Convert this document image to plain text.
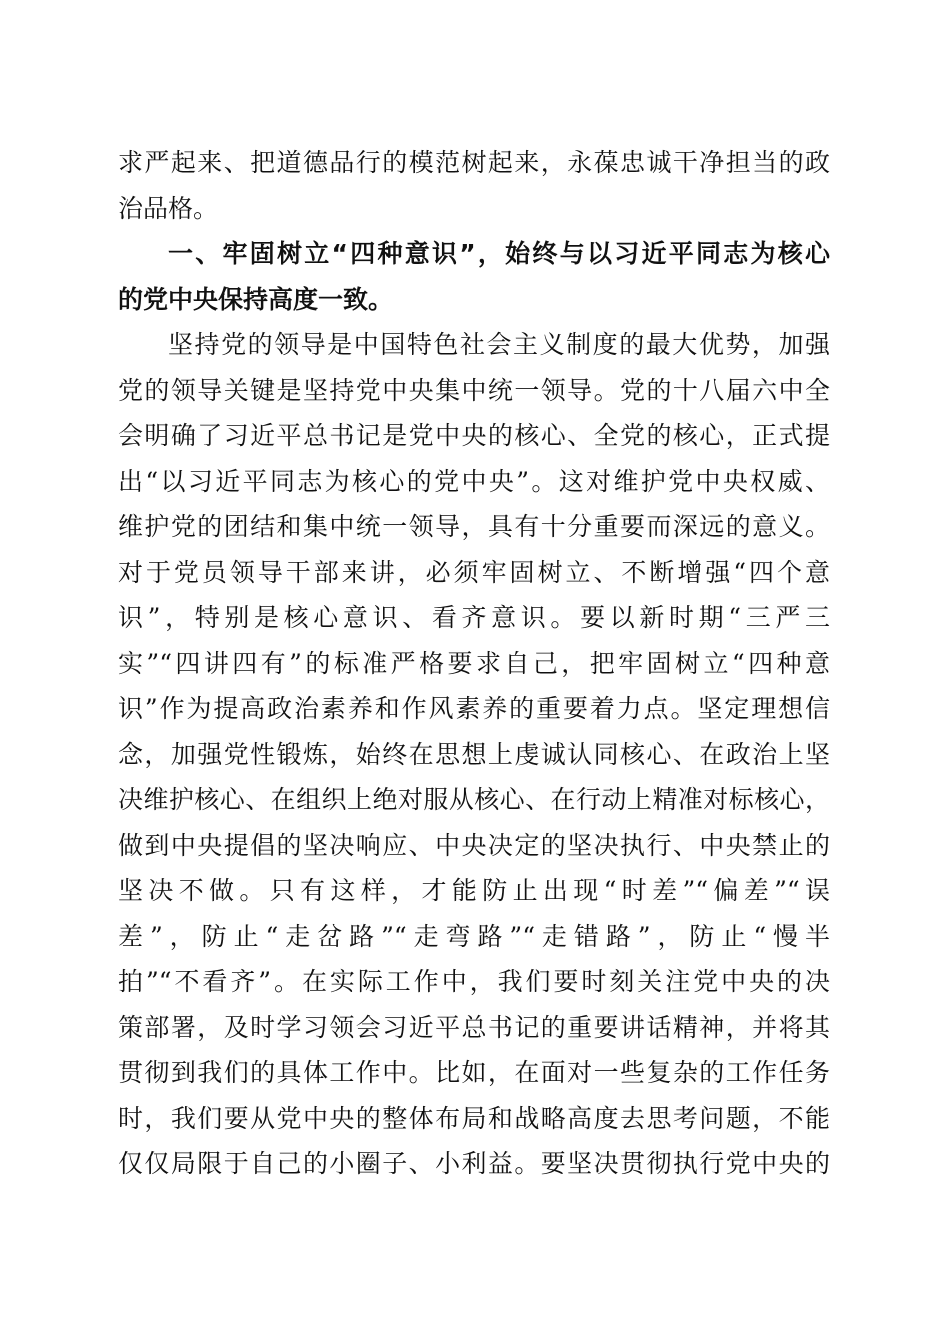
求严起来、把道德品行的模范树起来，永葆忠诚干净担当的政
治品格。
一、牢固树立“四种意识”，始终与以习近平同志为核心
的党中央保持高度一致。
坚持党的领导是中国特色社会主义制度的最大优势，加强
党的领导关键是坚持党中央集中统一领导。党的十八届六中全
会明确了习近平总书记是党中央的核心、全党的核心，正式提
出“以习近平同志为核心的党中央”。这对维护党中央权威、
维护党的团结和集中统一领导，具有十分重要而深远的意义。
对于党员领导干部来讲，必须牢固树立、不断增强“四个意
识”，特别是核心意识、看齐意识。要以新时期“三严三
实”“四讲四有”的标准严格要求自己，把牢固树立“四种意
识”作为提高政治素养和作风素养的重要着力点。坚定理想信
念，加强党性锻炼，始终在思想上虔诚认同核心、在政治上坚
决维护核心、在组织上绝对服从核心、在行动上精准对标核心，
做到中央提倡的坚决响应、中央决定的坚决执行、中央禁止的
坚决不做。只有这样，才能防止出现“时差”“偏差”“误
差”，防止“走岔路”“走弯路”“走错路”，防止“慢半
拍”“不看齐”。在实际工作中，我们要时刻关注党中央的决
策部署，及时学习领会习近平总书记的重要讲话精神，并将其
贯彻到我们的具体工作中。比如，在面对一些复杂的工作任务
时，我们要从党中央的整体布局和战略高度去思考问题，不能
仅仅局限于自己的小圈子、小利益。要坚决贯彻执行党中央的
